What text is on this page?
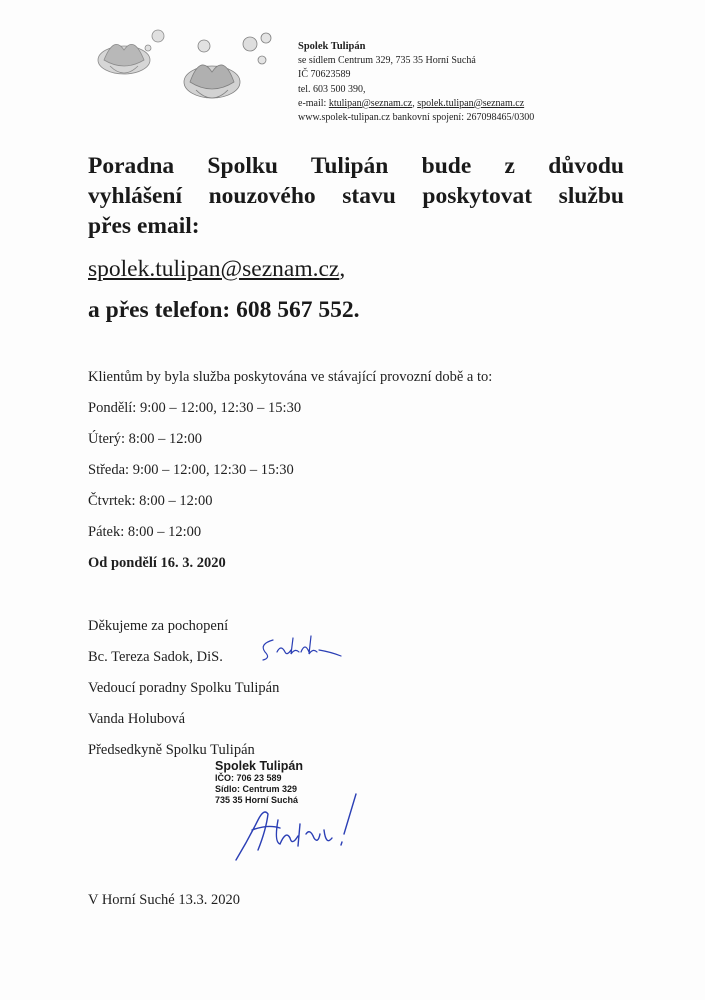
Spolek Tulipán
se sídlem Centrum 329, 735 35 Horní Suchá
IČ 70623589
tel. 603 500 390,
e-mail: ktulipan@seznam.cz, spolek.tulipan@seznam.cz
www.spolek-tulipan.cz bankovní spojení: 267098465/0300
Poradna Spolku Tulipán bude z důvodu
vyhlášení nouzového stavu poskytovat službu
přes email:
spolek.tulipan@seznam.cz,
a přes telefon: 608 567 552.
Klientům by byla služba poskytována ve stávající provozní době a to:
Pondělí: 9:00 – 12:00, 12:30 – 15:30
Úterý: 8:00 – 12:00
Středa: 9:00 – 12:00, 12:30 – 15:30
Čtvrtek: 8:00 – 12:00
Pátek: 8:00 – 12:00
Od pondělí 16. 3. 2020
Děkujeme za pochopení
Bc. Tereza Sadok, DiS.
Vedoucí poradny Spolku Tulipán
Vanda Holubová
Předsedkyně Spolku Tulipán
Spolek Tulipán
IČO: 706 23 589
Sídlo: Centrum 329
735 35 Horní Suchá
V Horní Suché 13.3. 2020
